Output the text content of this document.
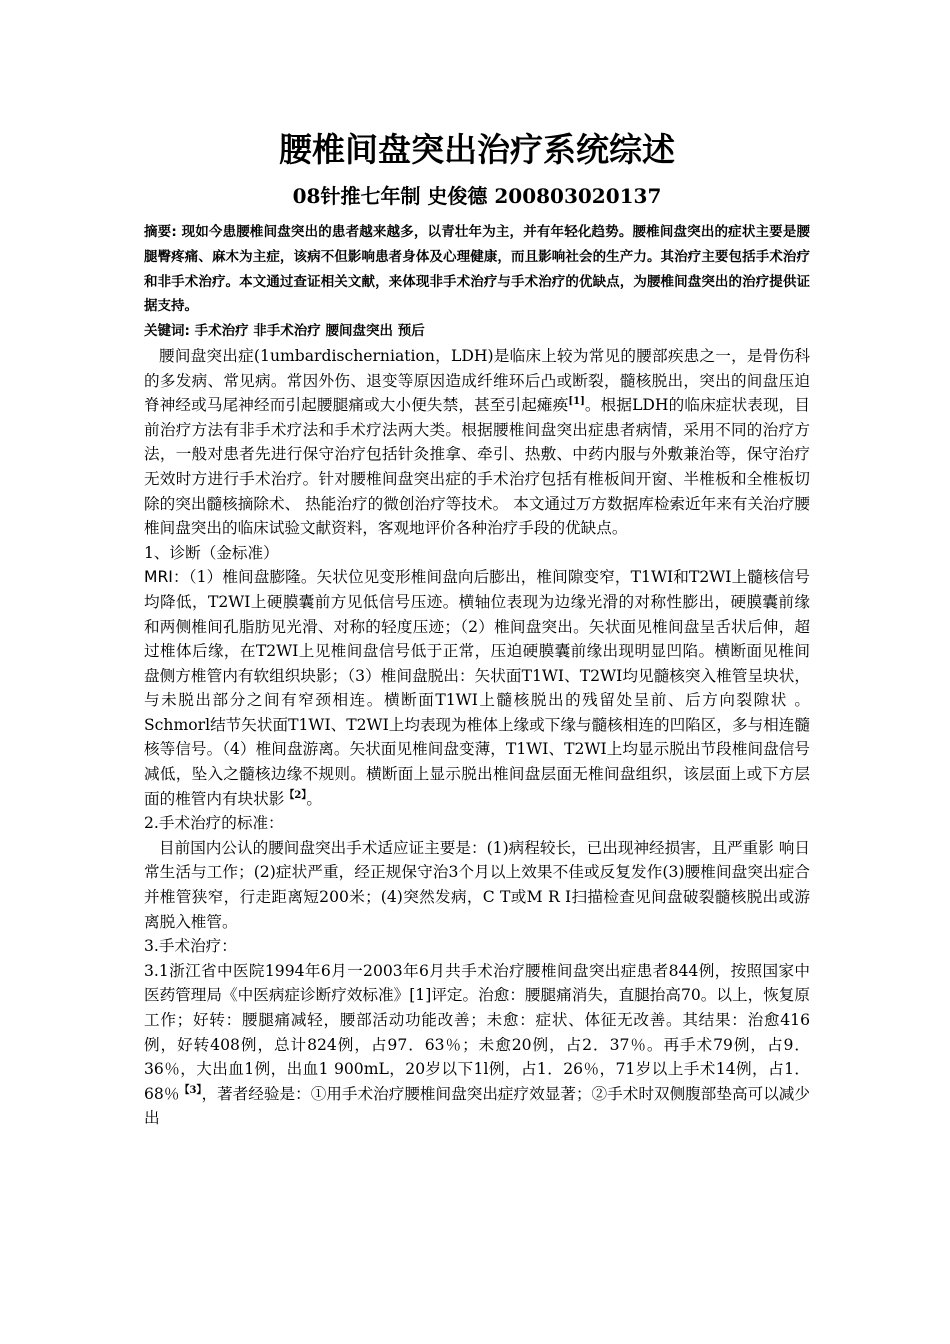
腰椎间盘突出治疗系统综述
08针推七年制 史俊德 200803020137

摘要: 现如今患腰椎间盘突出的患者越来越多，以青壮年为主，并有年轻化趋势。腰椎间盘突出的症状主要是腰腿臀疼痛、麻木为主症，该病不但影响患者身体及心理健康，而且影响社会的生产力。其治疗主要包括手术治疗和非手术治疗。本文通过查证相关文献，来体现非手术治疗与手术治疗的优缺点，为腰椎间盘突出的治疗提供证据支持。

关键词: 手术治疗 非手术治疗 腰间盘突出 预后

腰间盘突出症(1umbardischerniation，LDH)是临床上较为常见的腰部疾患之一，是骨伤科的多发病、常见病。常因外伤、退变等原因造成纤维环后凸或断裂，髓核脱出，突出的间盘压迫脊神经或马尾神经而引起腰腿痛或大小便失禁，甚至引起瘫痪[1]。根据LDH的临床症状表现，目前治疗方法有非手术疗法和手术疗法两大类。根据腰椎间盘突出症患者病情，采用不同的治疗方法，一般对患者先进行保守治疗包括针灸推拿、牵引、热敷、中药内服与外敷兼治等，保守治疗无效时方进行手术治疗。针对腰椎间盘突出症的手术治疗包括有椎板间开窗、半椎板和全椎板切除的突出髓核摘除术、 热能治疗的微创治疗等技术。 本文通过万方数据库检索近年来有关治疗腰椎间盘突出的临床试验文献资料，客观地评价各种治疗手段的优缺点。

1、诊断（金标准）

MRI：（1）椎间盘膨隆。矢状位见变形椎间盘向后膨出，椎间隙变窄，T1WI和T2WI上髓核信号均降低，T2WI上硬膜囊前方见低信号压迹。横轴位表现为边缘光滑的对称性膨出，硬膜囊前缘和两侧椎间孔脂肪见光滑、对称的轻度压迹；（2）椎间盘突出。矢状面见椎间盘呈舌状后伸，超过椎体后缘，在T2WI上见椎间盘信号低于正常，压迫硬膜囊前缘出现明显凹陷。横断面见椎间盘侧方椎管内有软组织块影；（3）椎间盘脱出：矢状面T1WI、T2WI均见髓核突入椎管呈块状，与未脱出部分之间有窄颈相连。横断面T1WI上髓核脱出的残留处呈前、后方向裂隙状 。Schmorl结节矢状面T1WI、T2WI上均表现为椎体上缘或下缘与髓核相连的凹陷区，多与相连髓核等信号。（4）椎间盘游离。矢状面见椎间盘变薄，T1WI、T2WI上均显示脱出节段椎间盘信号减低，坠入之髓核边缘不规则。横断面上显示脱出椎间盘层面无椎间盘组织，该层面上或下方层面的椎管内有块状影$^{【2】}$。

2.手术治疗的标准：

目前国内公认的腰间盘突出手术适应证主要是：(1)病程较长，已出现神经损害，且严重影 响日常生活与工作；(2)症状严重，经正规保守治3个月以上效果不佳或反复发作(3)腰椎间盘突出症合并椎管狭窄，行走距离短200米；(4)突然发病，C T或M R I扫描检查见间盘破裂髓核脱出或游离脱入椎管。

3.手术治疗：

3.1浙江省中医院1994年6月一2003年6月共手术治疗腰椎间盘突出症患者844例，按照国家中医药管理局《中医病症诊断疗效标准》[1]评定。治愈：腰腿痛消失，直腿抬高70。以上，恢复原工作；好转：腰腿痛减轻，腰部活动功能改善；未愈：症状、体征无改善。其结果：治愈416例，好转408例，总计824例，占97．63％；未愈20例，占2．37％。再手术79例，占9．36％，大出血1例，出血1 900mL，20岁以下1l例，占1．26％，71岁以上手术14例，占1．68％$^{【3】}$，著者经验是：①用手术治疗腰椎间盘突出症疗效显著；②手术时双侧腹部垫高可以减少出
